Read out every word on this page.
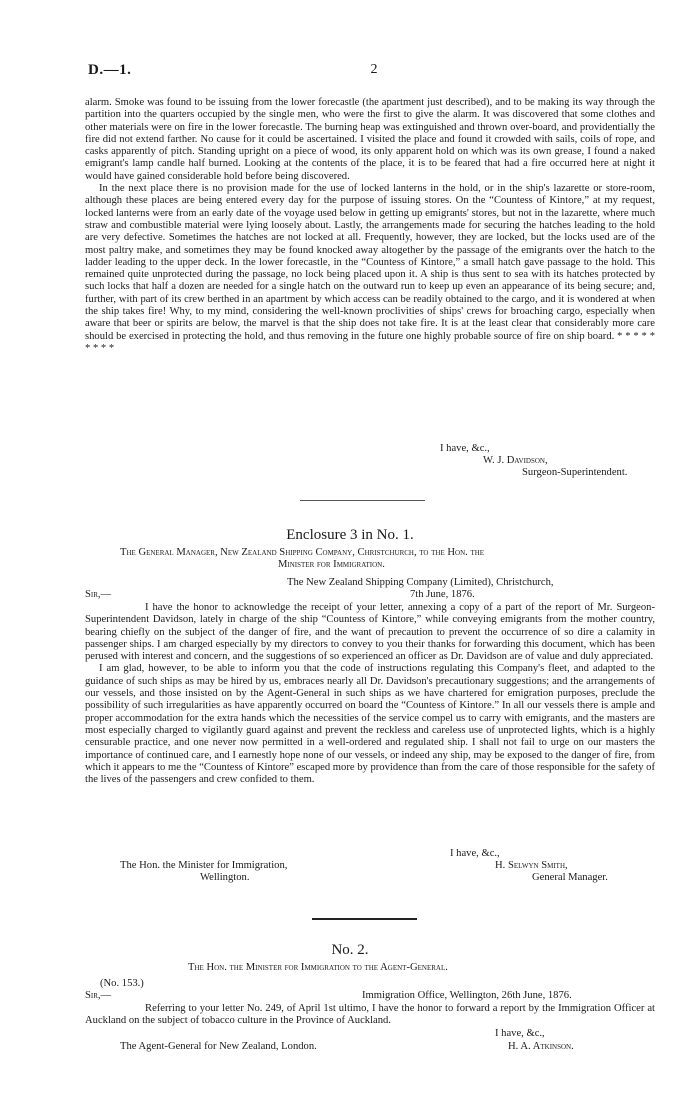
D.—1.	2

alarm. Smoke was found to be issuing from the lower forecastle (the apartment just described), and to be making its way through the partition into the quarters occupied by the single men, who were the first to give the alarm. It was discovered that some clothes and other materials were on fire in the lower forecastle. The burning heap was extinguished and thrown over-board, and providentially the fire did not extend farther. No cause for it could be ascertained. I visited the place and found it crowded with sails, coils of rope, and casks apparently of pitch. Standing upright on a piece of wood, its only apparent hold on which was its own grease, I found a naked emigrant's lamp candle half burned. Looking at the contents of the place, it is to be feared that had a fire occurred here at night it would have gained considerable hold before being discovered.

In the next place there is no provision made for the use of locked lanterns in the hold, or in the ship's lazarette or store-room, although these places are being entered every day for the purpose of issuing stores. On the “Countess of Kintore,” at my request, locked lanterns were from an early date of the voyage used below in getting up emigrants' stores, but not in the lazarette, where much straw and combustible material were lying loosely about. Lastly, the arrangements made for securing the hatches leading to the hold are very defective. Sometimes the hatches are not locked at all. Frequently, however, they are locked, but the locks used are of the most paltry make, and sometimes they may be found knocked away altogether by the passage of the emigrants over the hatch to the ladder leading to the upper deck. In the lower forecastle, in the “Countess of Kintore,” a small hatch gave passage to the hold. This remained quite unprotected during the passage, no lock being placed upon it. A ship is thus sent to sea with its hatches protected by such locks that half a dozen are needed for a single hatch on the outward run to keep up even an appearance of its being secure; and, further, with part of its crew berthed in an apartment by which access can be readily obtained to the cargo, and it is wondered at when the ship takes fire! Why, to my mind, considering the well-known proclivities of ships' crews for broaching cargo, especially when aware that beer or spirits are below, the marvel is that the ship does not take fire. It is at the least clear that considerably more care should be exercised in protecting the hold, and thus removing in the future one highly probable source of fire on ship board. * * * * * * * * *

I have, &c.,
W. J. Davidson,
Surgeon-Superintendent.
Enclosure 3 in No. 1.
The General Manager, New Zealand Shipping Company, Christchurch, to the Hon. the
Minister for Immigration.
The New Zealand Shipping Company (Limited), Christchurch,
Sir,—	7th June, 1876.

I have the honor to acknowledge the receipt of your letter, annexing a copy of a part of the report of Mr. Surgeon-Superintendent Davidson, lately in charge of the ship “Countess of Kintore,” while conveying emigrants from the mother country, bearing chiefly on the subject of the danger of fire, and the want of precaution to prevent the occurrence of so dire a calamity in passenger ships. I am charged especially by my directors to convey to you their thanks for forwarding this document, which has been perused with interest and concern, and the suggestions of so experienced an officer as Dr. Davidson are of value and duly appreciated.

I am glad, however, to be able to inform you that the code of instructions regulating this Company's fleet, and adapted to the guidance of such ships as may be hired by us, embraces nearly all Dr. Davidson's precautionary suggestions; and the arrangements of our vessels, and those insisted on by the Agent-General in such ships as we have chartered for emigration purposes, preclude the possibility of such irregularities as have apparently occurred on board the “Countess of Kintore.” In all our vessels there is ample and proper accommodation for the extra hands which the necessities of the service compel us to carry with emigrants, and the masters are most especially charged to vigilantly guard against and prevent the reckless and careless use of unprotected lights, which is a highly censurable practice, and one never now permitted in a well-ordered and regulated ship. I shall not fail to urge on our masters the importance of continued care, and I earnestly hope none of our vessels, or indeed any ship, may be exposed to the danger of fire, from which it appears to me the “Countess of Kintore” escaped more by providence than from the care of those responsible for the safety of the lives of the passengers and crew confided to them.

I have, &c.,
The Hon. the Minister for Immigration,	H. Selwyn Smith,
Wellington.	General Manager.
No. 2.
The Hon. the Minister for Immigration to the Agent-General.
(No. 153.)
Sir,—	Immigration Office, Wellington, 26th June, 1876.

Referring to your letter No. 249, of April 1st ultimo, I have the honor to forward a report by the Immigration Officer at Auckland on the subject of tobacco culture in the Province of Auckland.

I have, &c.,
The Agent-General for New Zealand, London.	H. A. Atkinson.
